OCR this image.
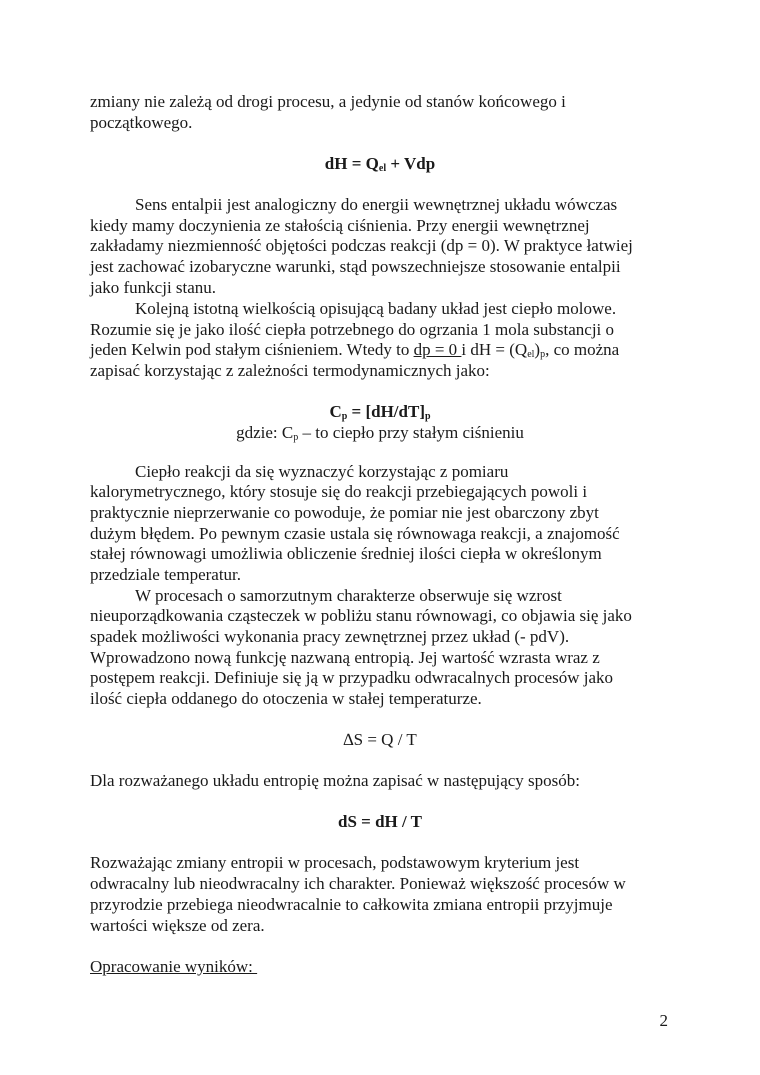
zmiany nie zależą od drogi procesu, a jedynie od stanów końcowego i
początkowego.
dH = $Q_{el}$ + Vdp
Sens entalpii jest analogiczny do energii wewnętrznej układu wówczas
kiedy mamy doczynienia ze stałością ciśnienia. Przy energii wewnętrznej
zakładamy niezmienność objętości podczas reakcji (dp = 0). W praktyce łatwiej
jest zachować izobaryczne warunki, stąd powszechniejsze stosowanie entalpii
jako funkcji stanu.
Kolejną istotną wielkością opisującą badany układ jest ciepło molowe.
Rozumie się je jako ilość ciepła potrzebnego do ogrzania 1 mola substancji o
jeden Kelwin pod stałym ciśnieniem. Wtedy to dp = 0 i dH = $(Q_{el})_p$, co można
zapisać korzystając z zależności termodynamicznych jako:
$C_p = [dH/dT]_p$
gdzie: $C_p$ – to ciepło przy stałym ciśnieniu
Ciepło reakcji da się wyznaczyć korzystając z pomiaru
kalorymetrycznego, który stosuje się do reakcji przebiegających powoli i
praktycznie nieprzerwanie co powoduje, że pomiar nie jest obarczony zbyt
dużym błędem. Po pewnym czasie ustala się równowaga reakcji, a znajomość
stałej równowagi umożliwia obliczenie średniej ilości ciepła w określonym
przedziale temperatur.
W procesach o samorzutnym charakterze obserwuje się wzrost
nieuporządkowania cząsteczek w pobliżu stanu równowagi, co objawia się jako
spadek możliwości wykonania pracy zewnętrznej przez układ (- pdV).
Wprowadzono nową funkcję nazwaną entropią. Jej wartość wzrasta wraz z
postępem reakcji. Definiuje się ją w przypadku odwracalnych procesów jako
ilość ciepła oddanego do otoczenia w stałej temperaturze.
∆S = Q / T
Dla rozważanego układu entropię można zapisać w następujący sposób:
dS = dH / T
Rozważając zmiany entropii w procesach, podstawowym kryterium jest
odwracalny lub nieodwracalny ich charakter. Ponieważ większość procesów w
przyrodzie przebiega nieodwracalnie to całkowita zmiana entropii przyjmuje
wartości większe od zera.
Opracowanie wyników:
2
